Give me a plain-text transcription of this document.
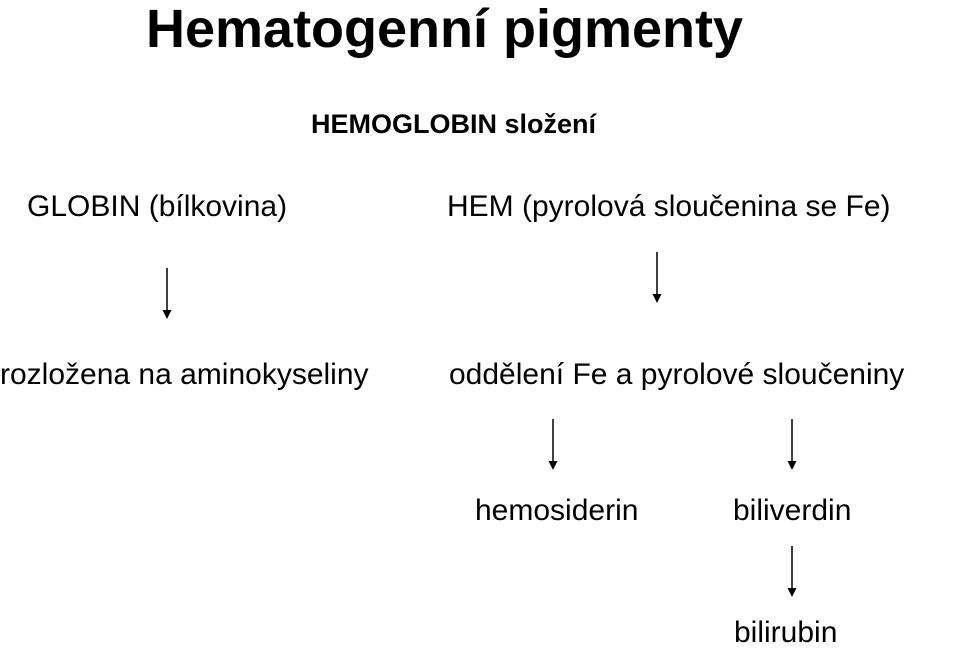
Hematogenní pigmenty
HEMOGLOBIN složení
GLOBIN (bílkovina)	HEM (pyrolová sloučenina se Fe)
rozložena na aminokyseliny	oddělení Fe a pyrolové sloučeniny
hemosiderin	biliverdin
bilirubin
